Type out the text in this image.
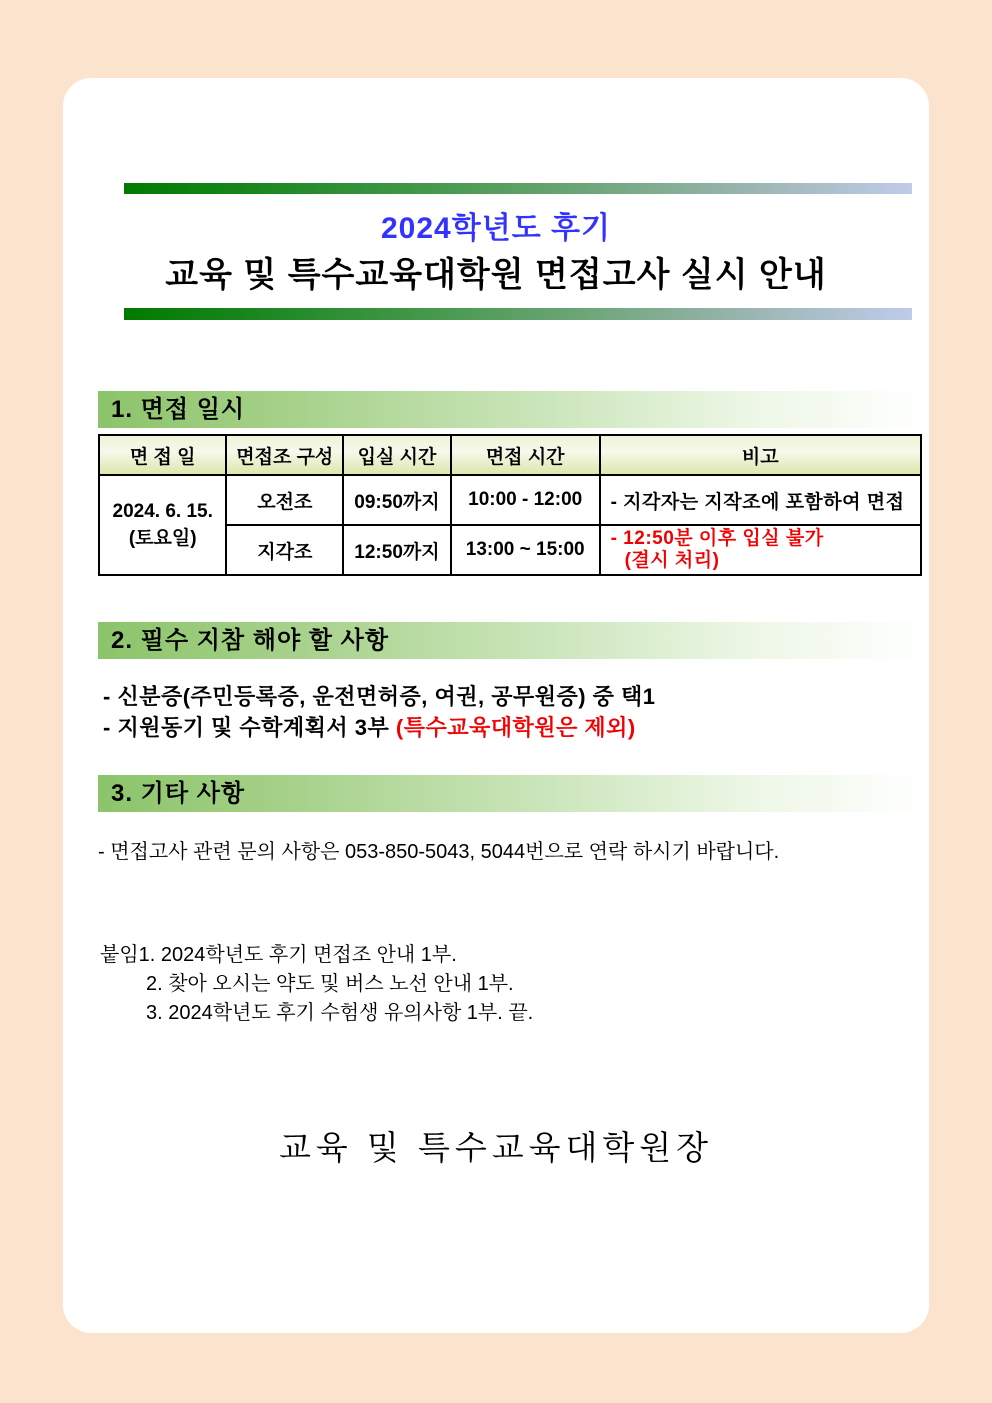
2024학년도 후기
교육 및 특수교육대학원 면접고사 실시 안내
1. 면접 일시
면 접 일	면접조 구성	입실 시간	면접 시간	비고

2024. 6. 15.
(토요일)	오전조	09:50까지	10:00 - 12:00	- 지각자는 지작조에 포함하여 면접
	지각조	12:50까지	13:00 ~ 15:00	- 12:50분 이후 입실 불가
(결시 처리)
2. 필수 지참 해야 할 사항
- 신분증(주민등록증, 운전면허증, 여권, 공무원증) 중 택1
- 지원동기 및 수학계획서 3부 (특수교육대학원은 제외)
3. 기타 사항
- 면접고사 관련 문의 사항은 053-850-5043, 5044번으로 연락 하시기 바랍니다.
붙임1. 2024학년도 후기 면접조 안내 1부.
2. 찾아 오시는 약도 및 버스 노선 안내 1부.
3. 2024학년도 후기 수험생 유의사항 1부. 끝.
교육 및 특수교육대학원장
